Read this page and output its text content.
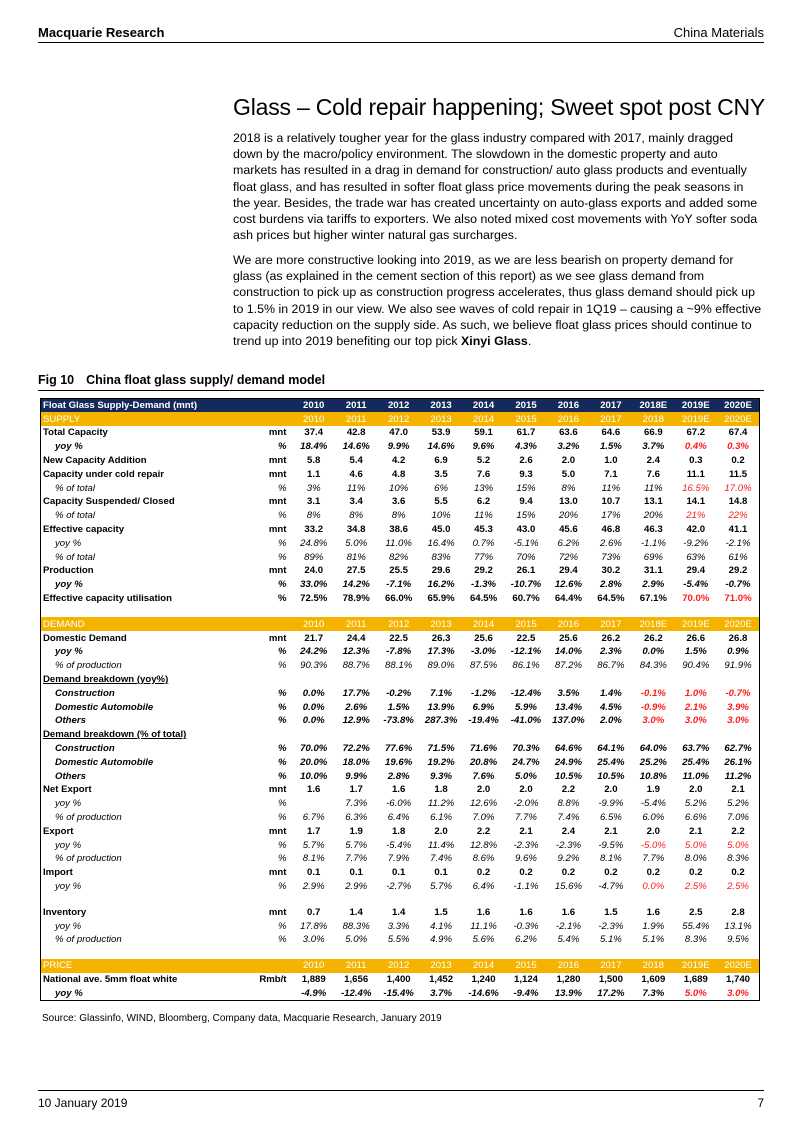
Macquarie Research	China Materials
Glass – Cold repair happening; Sweet spot post CNY

2018 is a relatively tougher year for the glass industry compared with 2017, mainly dragged down by the macro/policy environment. The slowdown in the domestic property and auto markets has resulted in a drag in demand for construction/ auto glass products and eventually float glass, and has resulted in softer float glass price movements during the peak seasons in the year. Besides, the trade war has created uncertainty on auto-glass exports and added some cost burdens via tariffs to exporters. We also noted mixed cost movements with YoY softer soda ash prices but higher winter natural gas surcharges.

We are more constructive looking into 2019, as we are less bearish on property demand for glass (as explained in the cement section of this report) as we see glass demand from construction to pick up as construction progress accelerates, thus glass demand should pick up to 1.5% in 2019 in our view. We also see waves of cold repair in 1Q19 – causing a ~9% effective capacity reduction on the supply side. As such, we believe float glass prices should continue to trend up into 2019 benefiting our top pick Xinyi Glass.

Fig 10 China float glass supply/ demand model
Float Glass Supply-Demand (mnt)		2010	2011	2012	2013	2014	2015	2016	2017	2018E	2019E	2020E
SUPPLY		2010	2011	2012	2013	2014	2015	2016	2017	2018	2019E	2020E
Total Capacity	mnt	37.4	42.8	47.0	53.9	59.1	61.7	63.6	64.6	66.9	67.2	67.4
yoy %	%	18.4%	14.6%	9.9%	14.6%	9.6%	4.3%	3.2%	1.5%	3.7%	0.4%	0.3%
New Capacity Addition	mnt	5.8	5.4	4.2	6.9	5.2	2.6	2.0	1.0	2.4	0.3	0.2
Capacity under cold repair	mnt	1.1	4.6	4.8	3.5	7.6	9.3	5.0	7.1	7.6	11.1	11.5
% of total	%	3%	11%	10%	6%	13%	15%	8%	11%	11%	16.5%	17.0%
Capacity Suspended/ Closed	mnt	3.1	3.4	3.6	5.5	6.2	9.4	13.0	10.7	13.1	14.1	14.8
% of total	%	8%	8%	8%	10%	11%	15%	20%	17%	20%	21%	22%
Effective capacity	mnt	33.2	34.8	38.6	45.0	45.3	43.0	45.6	46.8	46.3	42.0	41.1
yoy %	%	24.8%	5.0%	11.0%	16.4%	0.7%	-5.1%	6.2%	2.6%	-1.1%	-9.2%	-2.1%
% of total	%	89%	81%	82%	83%	77%	70%	72%	73%	69%	63%	61%
Production	mnt	24.0	27.5	25.5	29.6	29.2	26.1	29.4	30.2	31.1	29.4	29.2
yoy %	%	33.0%	14.2%	-7.1%	16.2%	-1.3%	-10.7%	12.6%	2.8%	2.9%	-5.4%	-0.7%
Effective capacity utilisation	%	72.5%	78.9%	66.0%	65.9%	64.5%	60.7%	64.4%	64.5%	67.1%	70.0%	71.0%

DEMAND		2010	2011	2012	2013	2014	2015	2016	2017	2018E	2019E	2020E
Domestic Demand	mnt	21.7	24.4	22.5	26.3	25.6	22.5	25.6	26.2	26.2	26.6	26.8
yoy %	%	24.2%	12.3%	-7.8%	17.3%	-3.0%	-12.1%	14.0%	2.3%	0.0%	1.5%	0.9%
% of production	%	90.3%	88.7%	88.1%	89.0%	87.5%	86.1%	87.2%	86.7%	84.3%	90.4%	91.9%
Demand breakdown (yoy%)												
Construction	%	0.0%	17.7%	-0.2%	7.1%	-1.2%	-12.4%	3.5%	1.4%	-0.1%	1.0%	-0.7%
Domestic Automobile	%	0.0%	2.6%	1.5%	13.9%	6.9%	5.9%	13.4%	4.5%	-0.9%	2.1%	3.9%
Others	%	0.0%	12.9%	-73.8%	287.3%	-19.4%	-41.0%	137.0%	2.0%	3.0%	3.0%	3.0%
Demand breakdown (% of total)												
Construction	%	70.0%	72.2%	77.6%	71.5%	71.6%	70.3%	64.6%	64.1%	64.0%	63.7%	62.7%
Domestic Automobile	%	20.0%	18.0%	19.6%	19.2%	20.8%	24.7%	24.9%	25.4%	25.2%	25.4%	26.1%
Others	%	10.0%	9.9%	2.8%	9.3%	7.6%	5.0%	10.5%	10.5%	10.8%	11.0%	11.2%
Net Export	mnt	1.6	1.7	1.6	1.8	2.0	2.0	2.2	2.0	1.9	2.0	2.1
yoy %	%		7.3%	-6.0%	11.2%	12.6%	-2.0%	8.8%	-9.9%	-5.4%	5.2%	5.2%
% of production	%	6.7%	6.3%	6.4%	6.1%	7.0%	7.7%	7.4%	6.5%	6.0%	6.6%	7.0%
Export	mnt	1.7	1.9	1.8	2.0	2.2	2.1	2.4	2.1	2.0	2.1	2.2
yoy %	%	5.7%	5.7%	-5.4%	11.4%	12.8%	-2.3%	-2.3%	-9.5%	-5.0%	5.0%	5.0%
% of production	%	8.1%	7.7%	7.9%	7.4%	8.6%	9.6%	9.2%	8.1%	7.7%	8.0%	8.3%
Import	mnt	0.1	0.1	0.1	0.1	0.2	0.2	0.2	0.2	0.2	0.2	0.2
yoy %	%	2.9%	2.9%	-2.7%	5.7%	6.4%	-1.1%	15.6%	-4.7%	0.0%	2.5%	2.5%

Inventory	mnt	0.7	1.4	1.4	1.5	1.6	1.6	1.6	1.5	1.6	2.5	2.8
yoy %	%	17.8%	88.3%	3.3%	4.1%	11.1%	-0.3%	-2.1%	-2.3%	1.9%	55.4%	13.1%
% of production	%	3.0%	5.0%	5.5%	4.9%	5.6%	6.2%	5.4%	5.1%	5.1%	8.3%	9.5%

PRICE		2010	2011	2012	2013	2014	2015	2016	2017	2018	2019E	2020E
National ave. 5mm float white	Rmb/t	1,889	1,656	1,400	1,452	1,240	1,124	1,280	1,500	1,609	1,689	1,740
yoy %		-4.9%	-12.4%	-15.4%	3.7%	-14.6%	-9.4%	13.9%	17.2%	7.3%	5.0%	3.0%
Source: Glassinfo, WIND, Bloomberg, Company data, Macquarie Research, January 2019
10 January 2019	7
